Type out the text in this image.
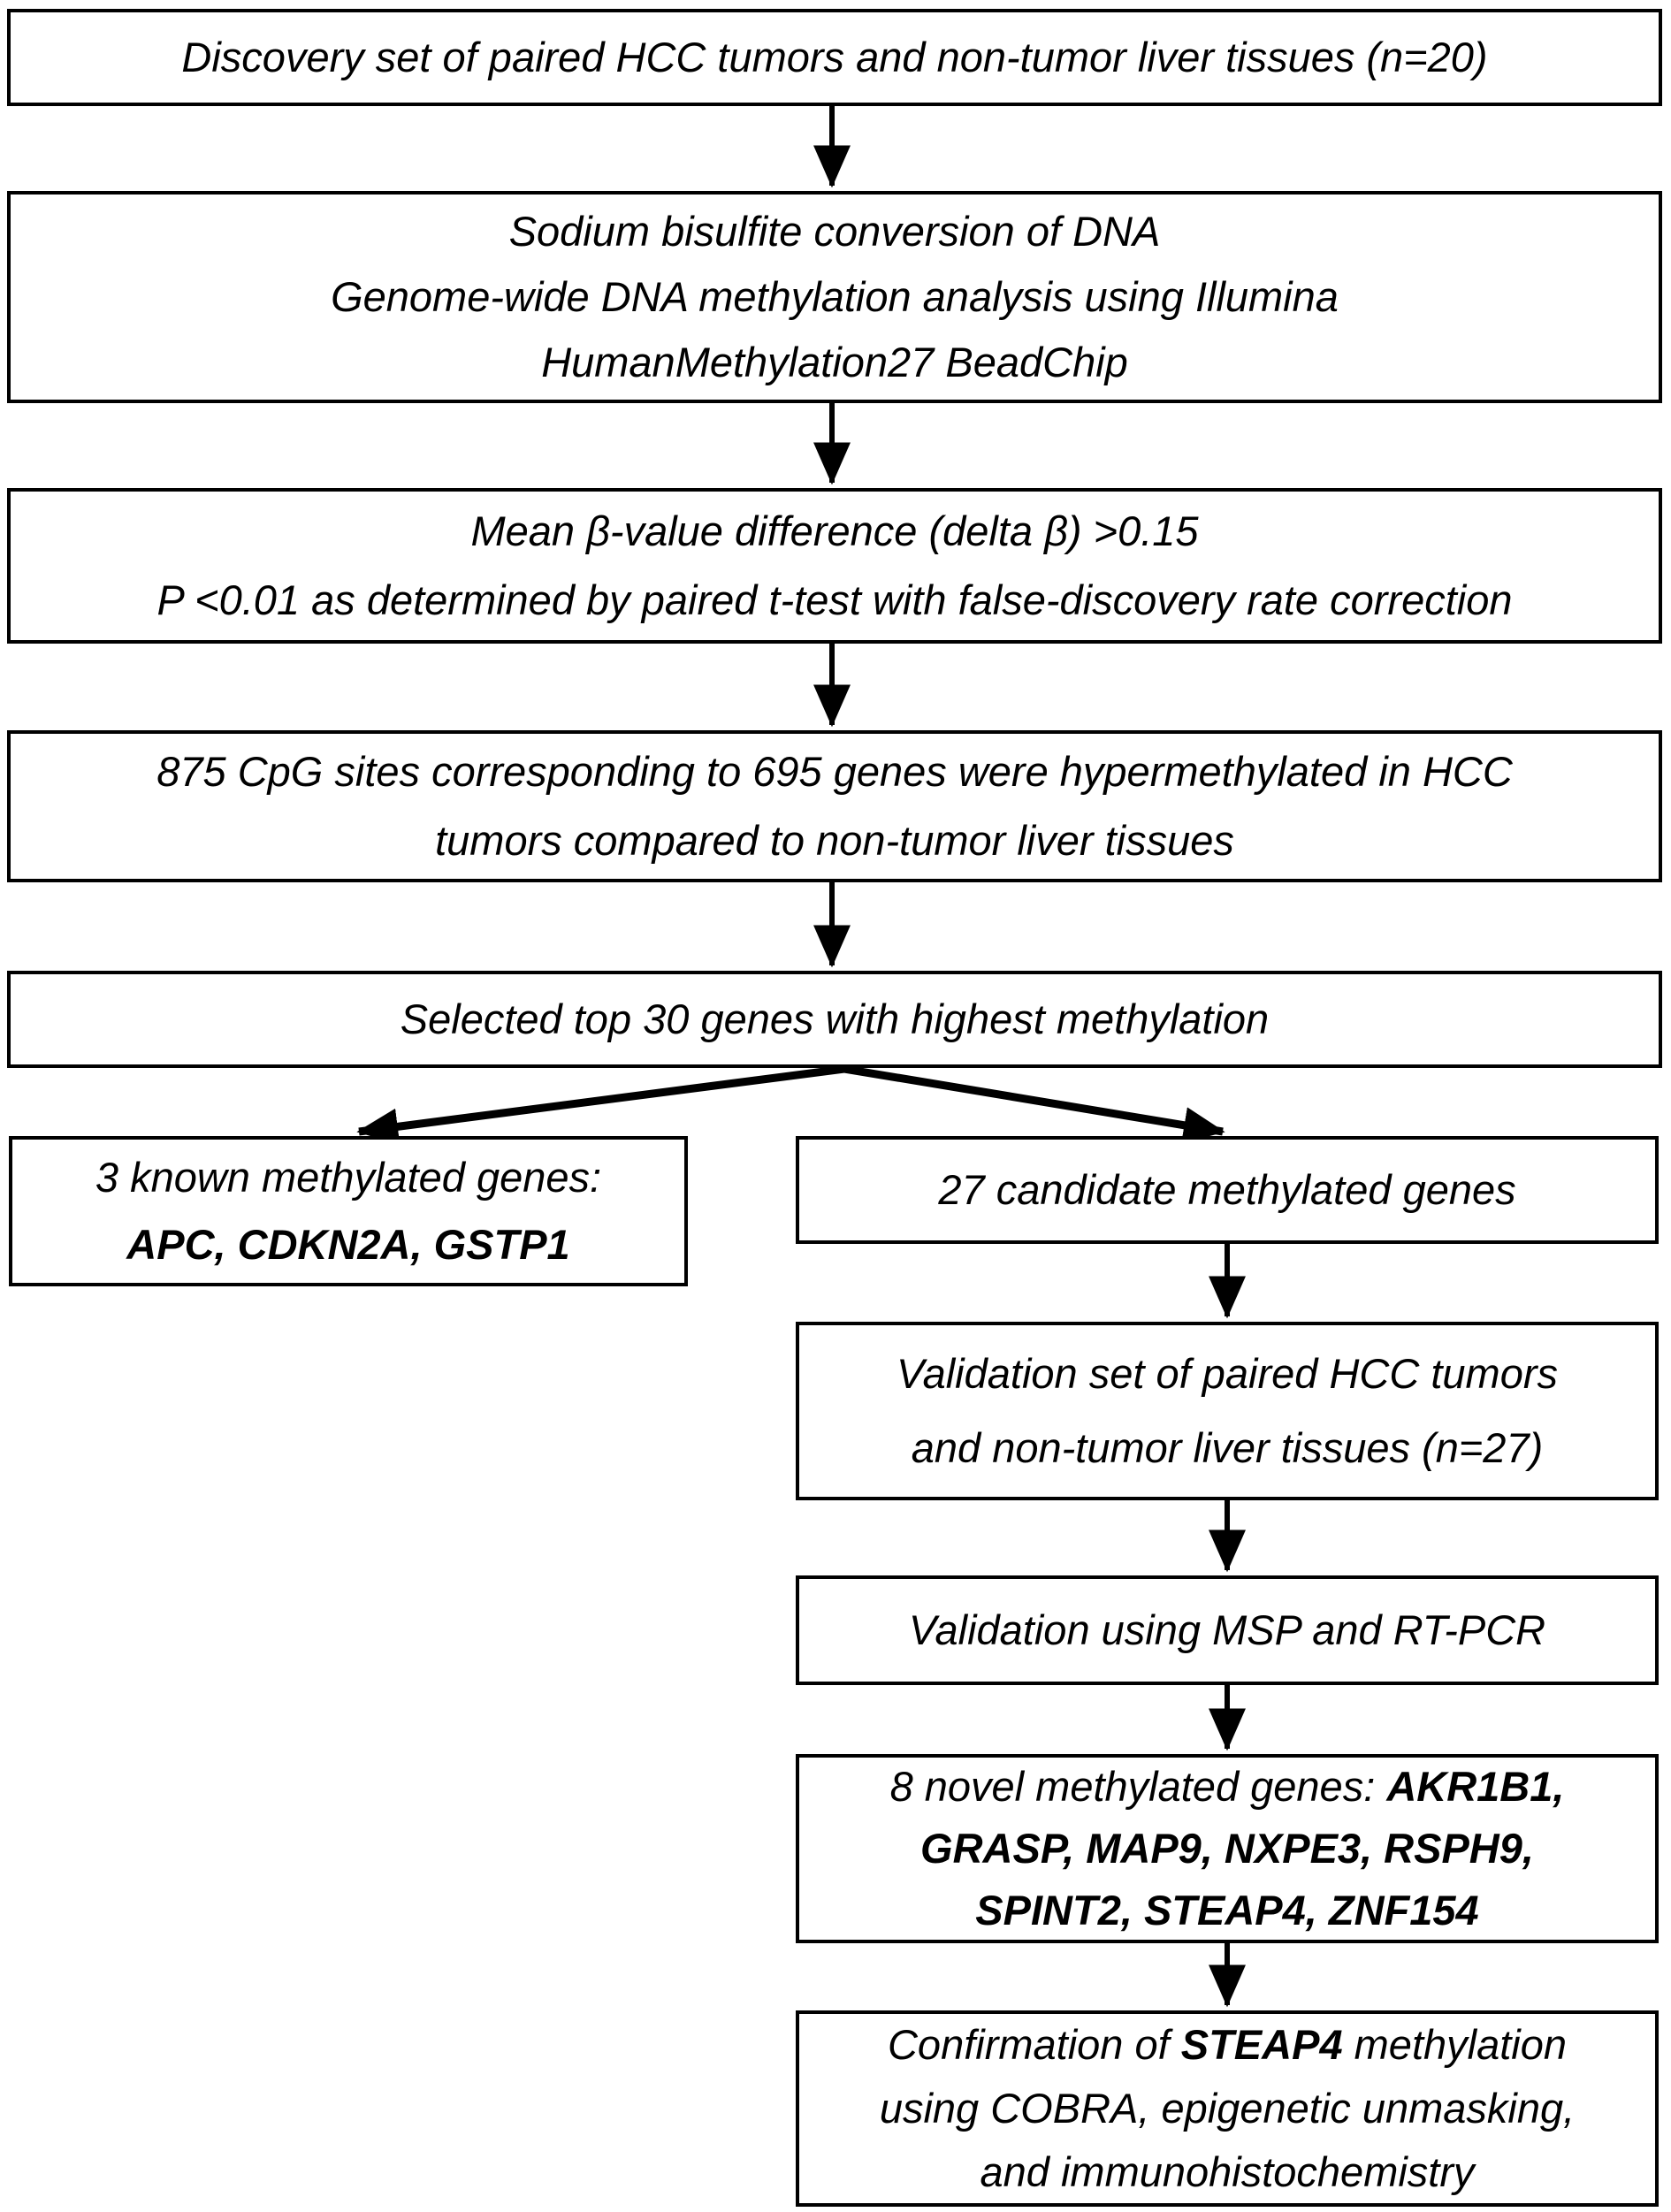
Discovery set of paired HCC tumors and non-tumor liver tissues (n=20)
Sodium bisulfite conversion of DNA
Genome-wide DNA methylation analysis using Illumina
HumanMethylation27 BeadChip
Mean β-value difference (delta β) >0.15
P <0.01 as determined by paired t-test with false-discovery rate correction
875 CpG sites corresponding to 695 genes were hypermethylated in HCC
tumors compared to non-tumor liver tissues
Selected top 30 genes with highest methylation
3 known methylated genes:
APC, CDKN2A, GSTP1
27 candidate methylated genes
Validation set of paired HCC tumors
and non-tumor liver tissues (n=27)
Validation using MSP and RT-PCR
8 novel methylated genes: AKR1B1,
GRASP, MAP9, NXPE3, RSPH9,
SPINT2, STEAP4, ZNF154
Confirmation of STEAP4 methylation
using COBRA, epigenetic unmasking,
and immunohistochemistry
